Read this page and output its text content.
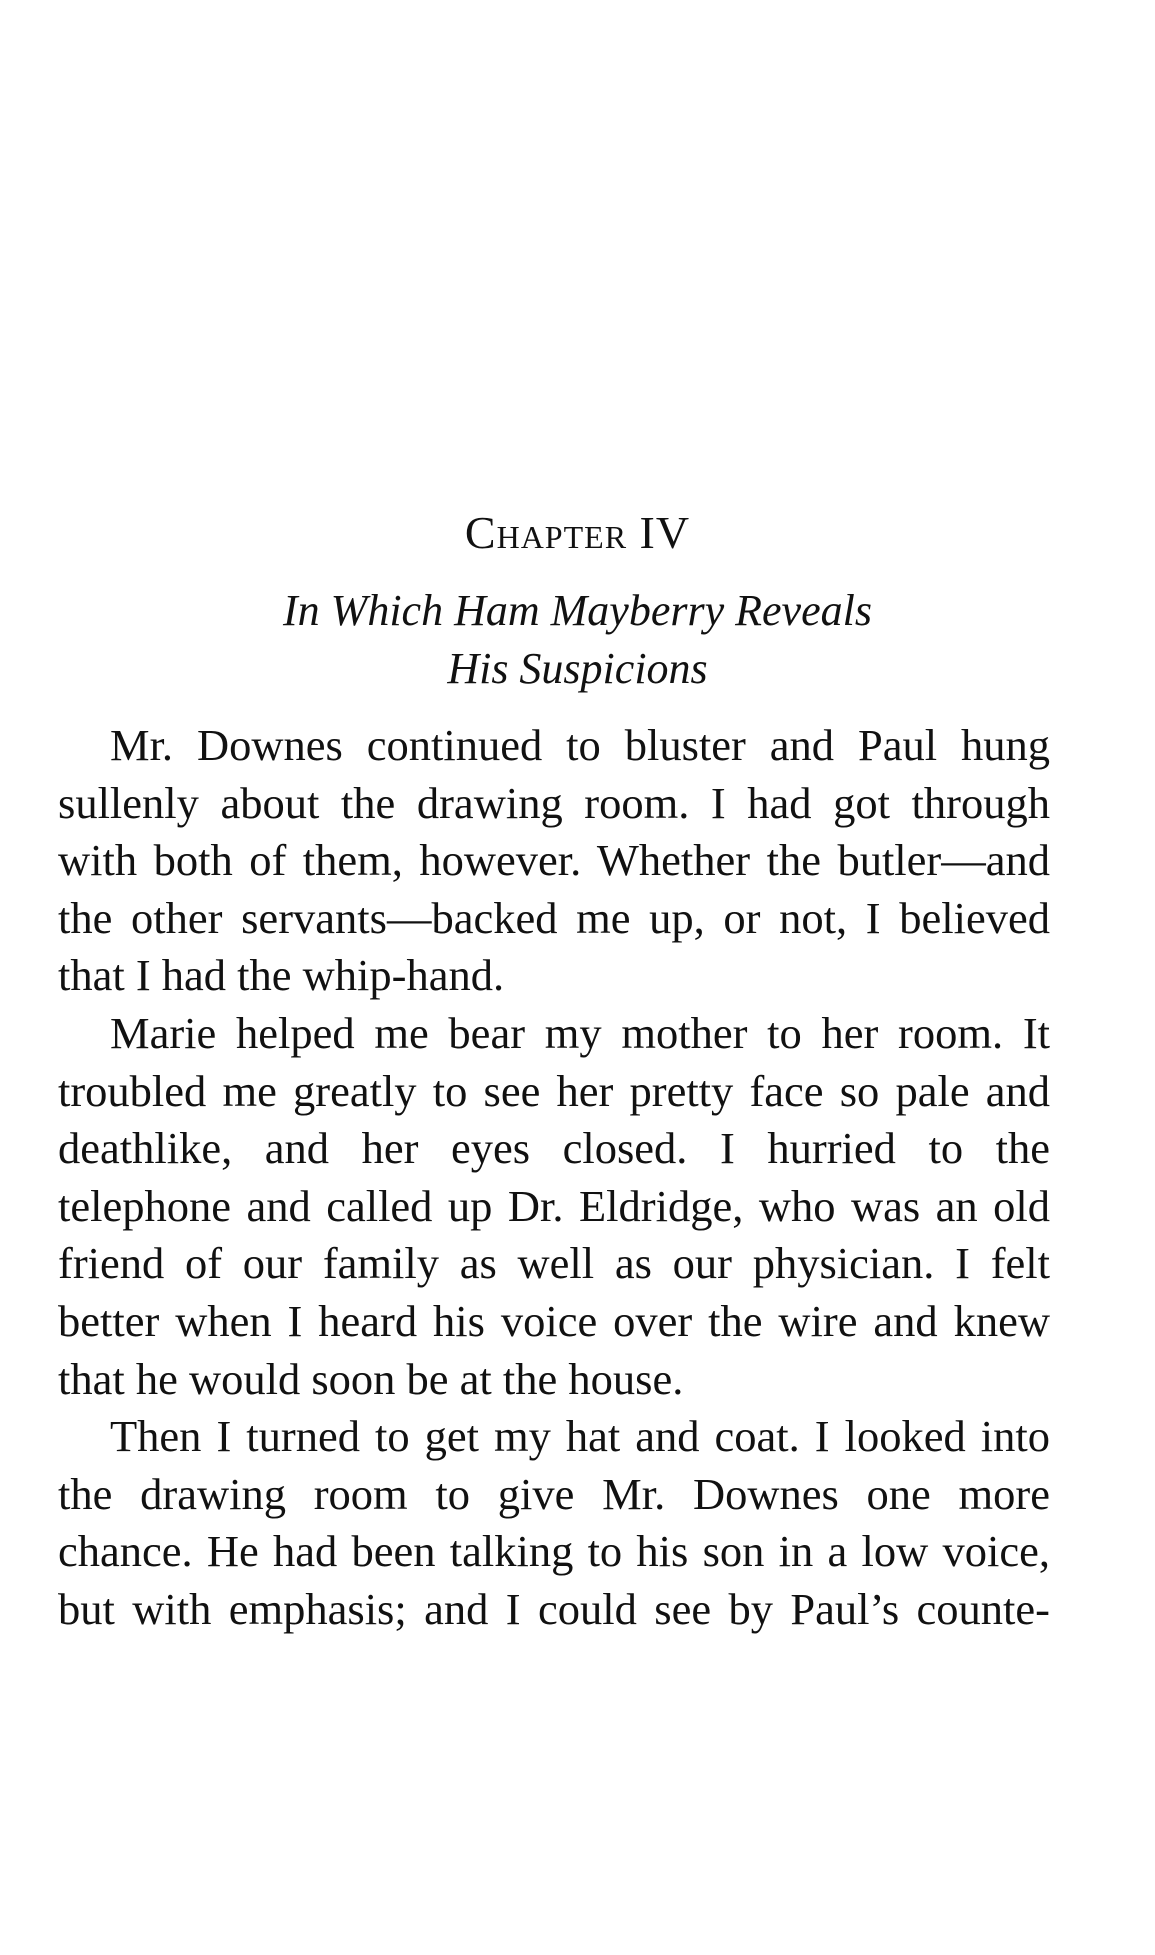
Chapter IV
In Which Ham Mayberry Reveals
His Suspicions

Mr. Downes continued to bluster and Paul hung sullenly about the drawing room. I had got through with both of them, however. Whether the butler—and the other servants—backed me up, or not, I believed that I had the whip-hand.

Marie helped me bear my mother to her room. It troubled me greatly to see her pretty face so pale and deathlike, and her eyes closed. I hurried to the telephone and called up Dr. Eldridge, who was an old friend of our family as well as our physician. I felt better when I heard his voice over the wire and knew that he would soon be at the house.

Then I turned to get my hat and coat. I looked into the drawing room to give Mr. Downes one more chance. He had been talking to his son in a low voice, but with emphasis; and I could see by Paul’s counte-
